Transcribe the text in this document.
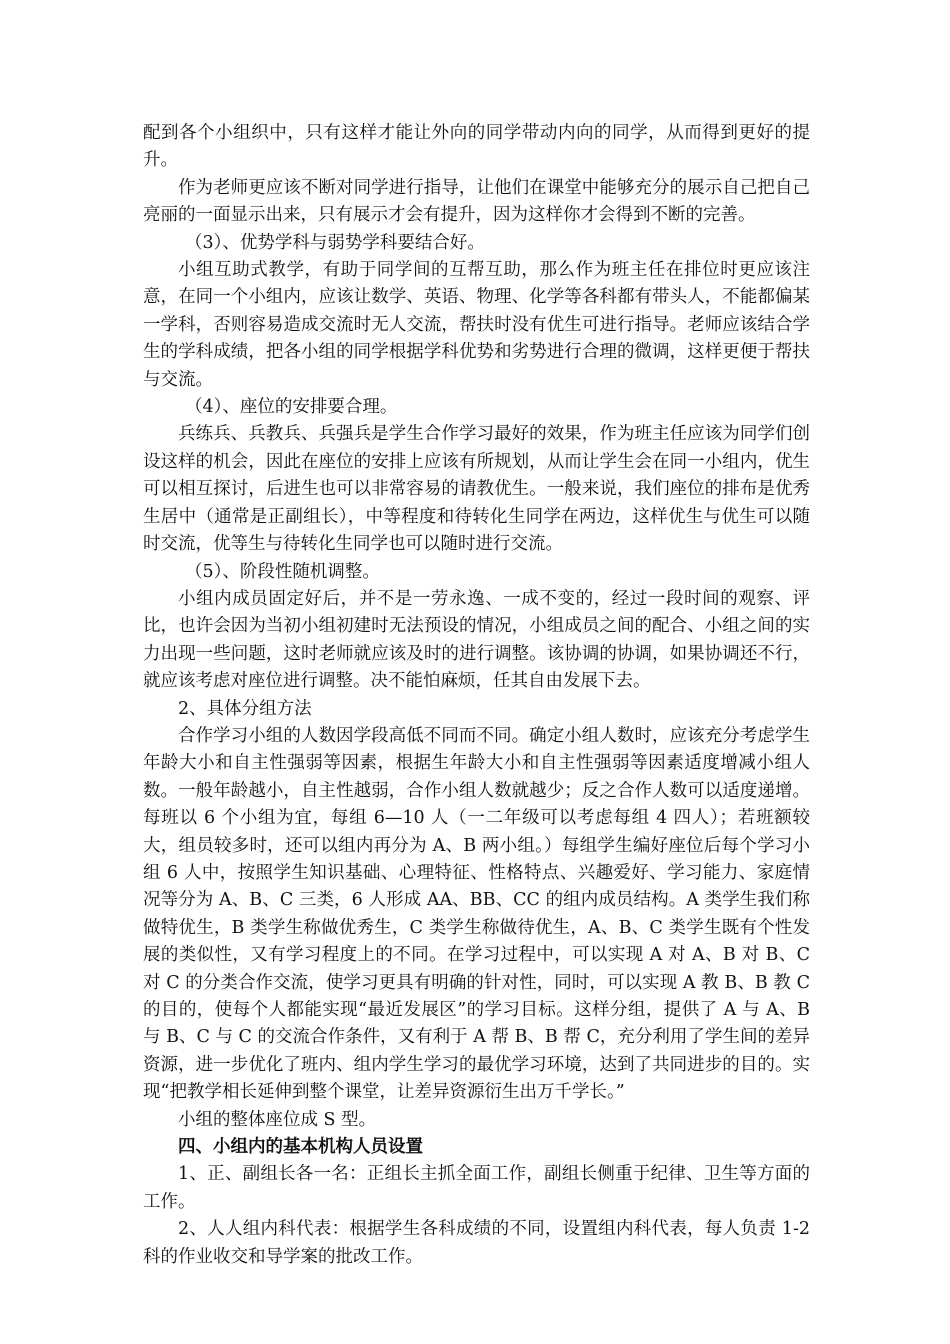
配到各个小组织中，只有这样才能让外向的同学带动内向的同学，从而得到更好的提升。

作为老师更应该不断对同学进行指导，让他们在课堂中能够充分的展示自己把自己亮丽的一面显示出来，只有展示才会有提升，因为这样你才会得到不断的完善。

（3）、优势学科与弱势学科要结合好。

小组互助式教学，有助于同学间的互帮互助，那么作为班主任在排位时更应该注意，在同一个小组内，应该让数学、英语、物理、化学等各科都有带头人，不能都偏某一学科，否则容易造成交流时无人交流，帮扶时没有优生可进行指导。老师应该结合学生的学科成绩，把各小组的同学根据学科优势和劣势进行合理的微调，这样更便于帮扶与交流。

（4）、座位的安排要合理。

兵练兵、兵教兵、兵强兵是学生合作学习最好的效果，作为班主任应该为同学们创设这样的机会，因此在座位的安排上应该有所规划，从而让学生会在同一小组内，优生可以相互探讨，后进生也可以非常容易的请教优生。一般来说，我们座位的排布是优秀生居中（通常是正副组长），中等程度和待转化生同学在两边，这样优生与优生可以随时交流，优等生与待转化生同学也可以随时进行交流。

（5）、阶段性随机调整。

小组内成员固定好后，并不是一劳永逸、一成不变的，经过一段时间的观察、评比，也许会因为当初小组初建时无法预设的情况，小组成员之间的配合、小组之间的实力出现一些问题，这时老师就应该及时的进行调整。该协调的协调，如果协调还不行，就应该考虑对座位进行调整。决不能怕麻烦，任其自由发展下去。

2、具体分组方法

合作学习小组的人数因学段高低不同而不同。确定小组人数时，应该充分考虑学生年龄大小和自主性强弱等因素，根据生年龄大小和自主性强弱等因素适度增减小组人数。一般年龄越小，自主性越弱，合作小组人数就越少；反之合作人数可以适度递增。每班以 6 个小组为宜，每组 6—10 人（一二年级可以考虑每组 4 四人）；若班额较大，组员较多时，还可以组内再分为 A、B 两小组。）每组学生编好座位后每个学习小组 6 人中，按照学生知识基础、心理特征、性格特点、兴趣爱好、学习能力、家庭情况等分为 A、B、C 三类，6 人形成 AA、BB、CC 的组内成员结构。A 类学生我们称做特优生，B 类学生称做优秀生，C 类学生称做待优生，A、B、C 类学生既有个性发展的类似性，又有学习程度上的不同。在学习过程中，可以实现 A 对 A、B 对 B、C 对 C 的分类合作交流，使学习更具有明确的针对性，同时，可以实现 A 教 B、B 教 C 的目的，使每个人都能实现“最近发展区”的学习目标。这样分组，提供了 A 与 A、B 与 B、C 与 C 的交流合作条件，又有利于 A 帮 B、B 帮 C，充分利用了学生间的差异资源，进一步优化了班内、组内学生学习的最优学习环境，达到了共同进步的目的。实现“把教学相长延伸到整个课堂，让差异资源衍生出万千学长。”

小组的整体座位成 S 型。

四、小组内的基本机构人员设置

1、正、副组长各一名：正组长主抓全面工作，副组长侧重于纪律、卫生等方面的工作。

2、人人组内科代表：根据学生各科成绩的不同，设置组内科代表，每人负责 1-2 科的作业收交和导学案的批改工作。
